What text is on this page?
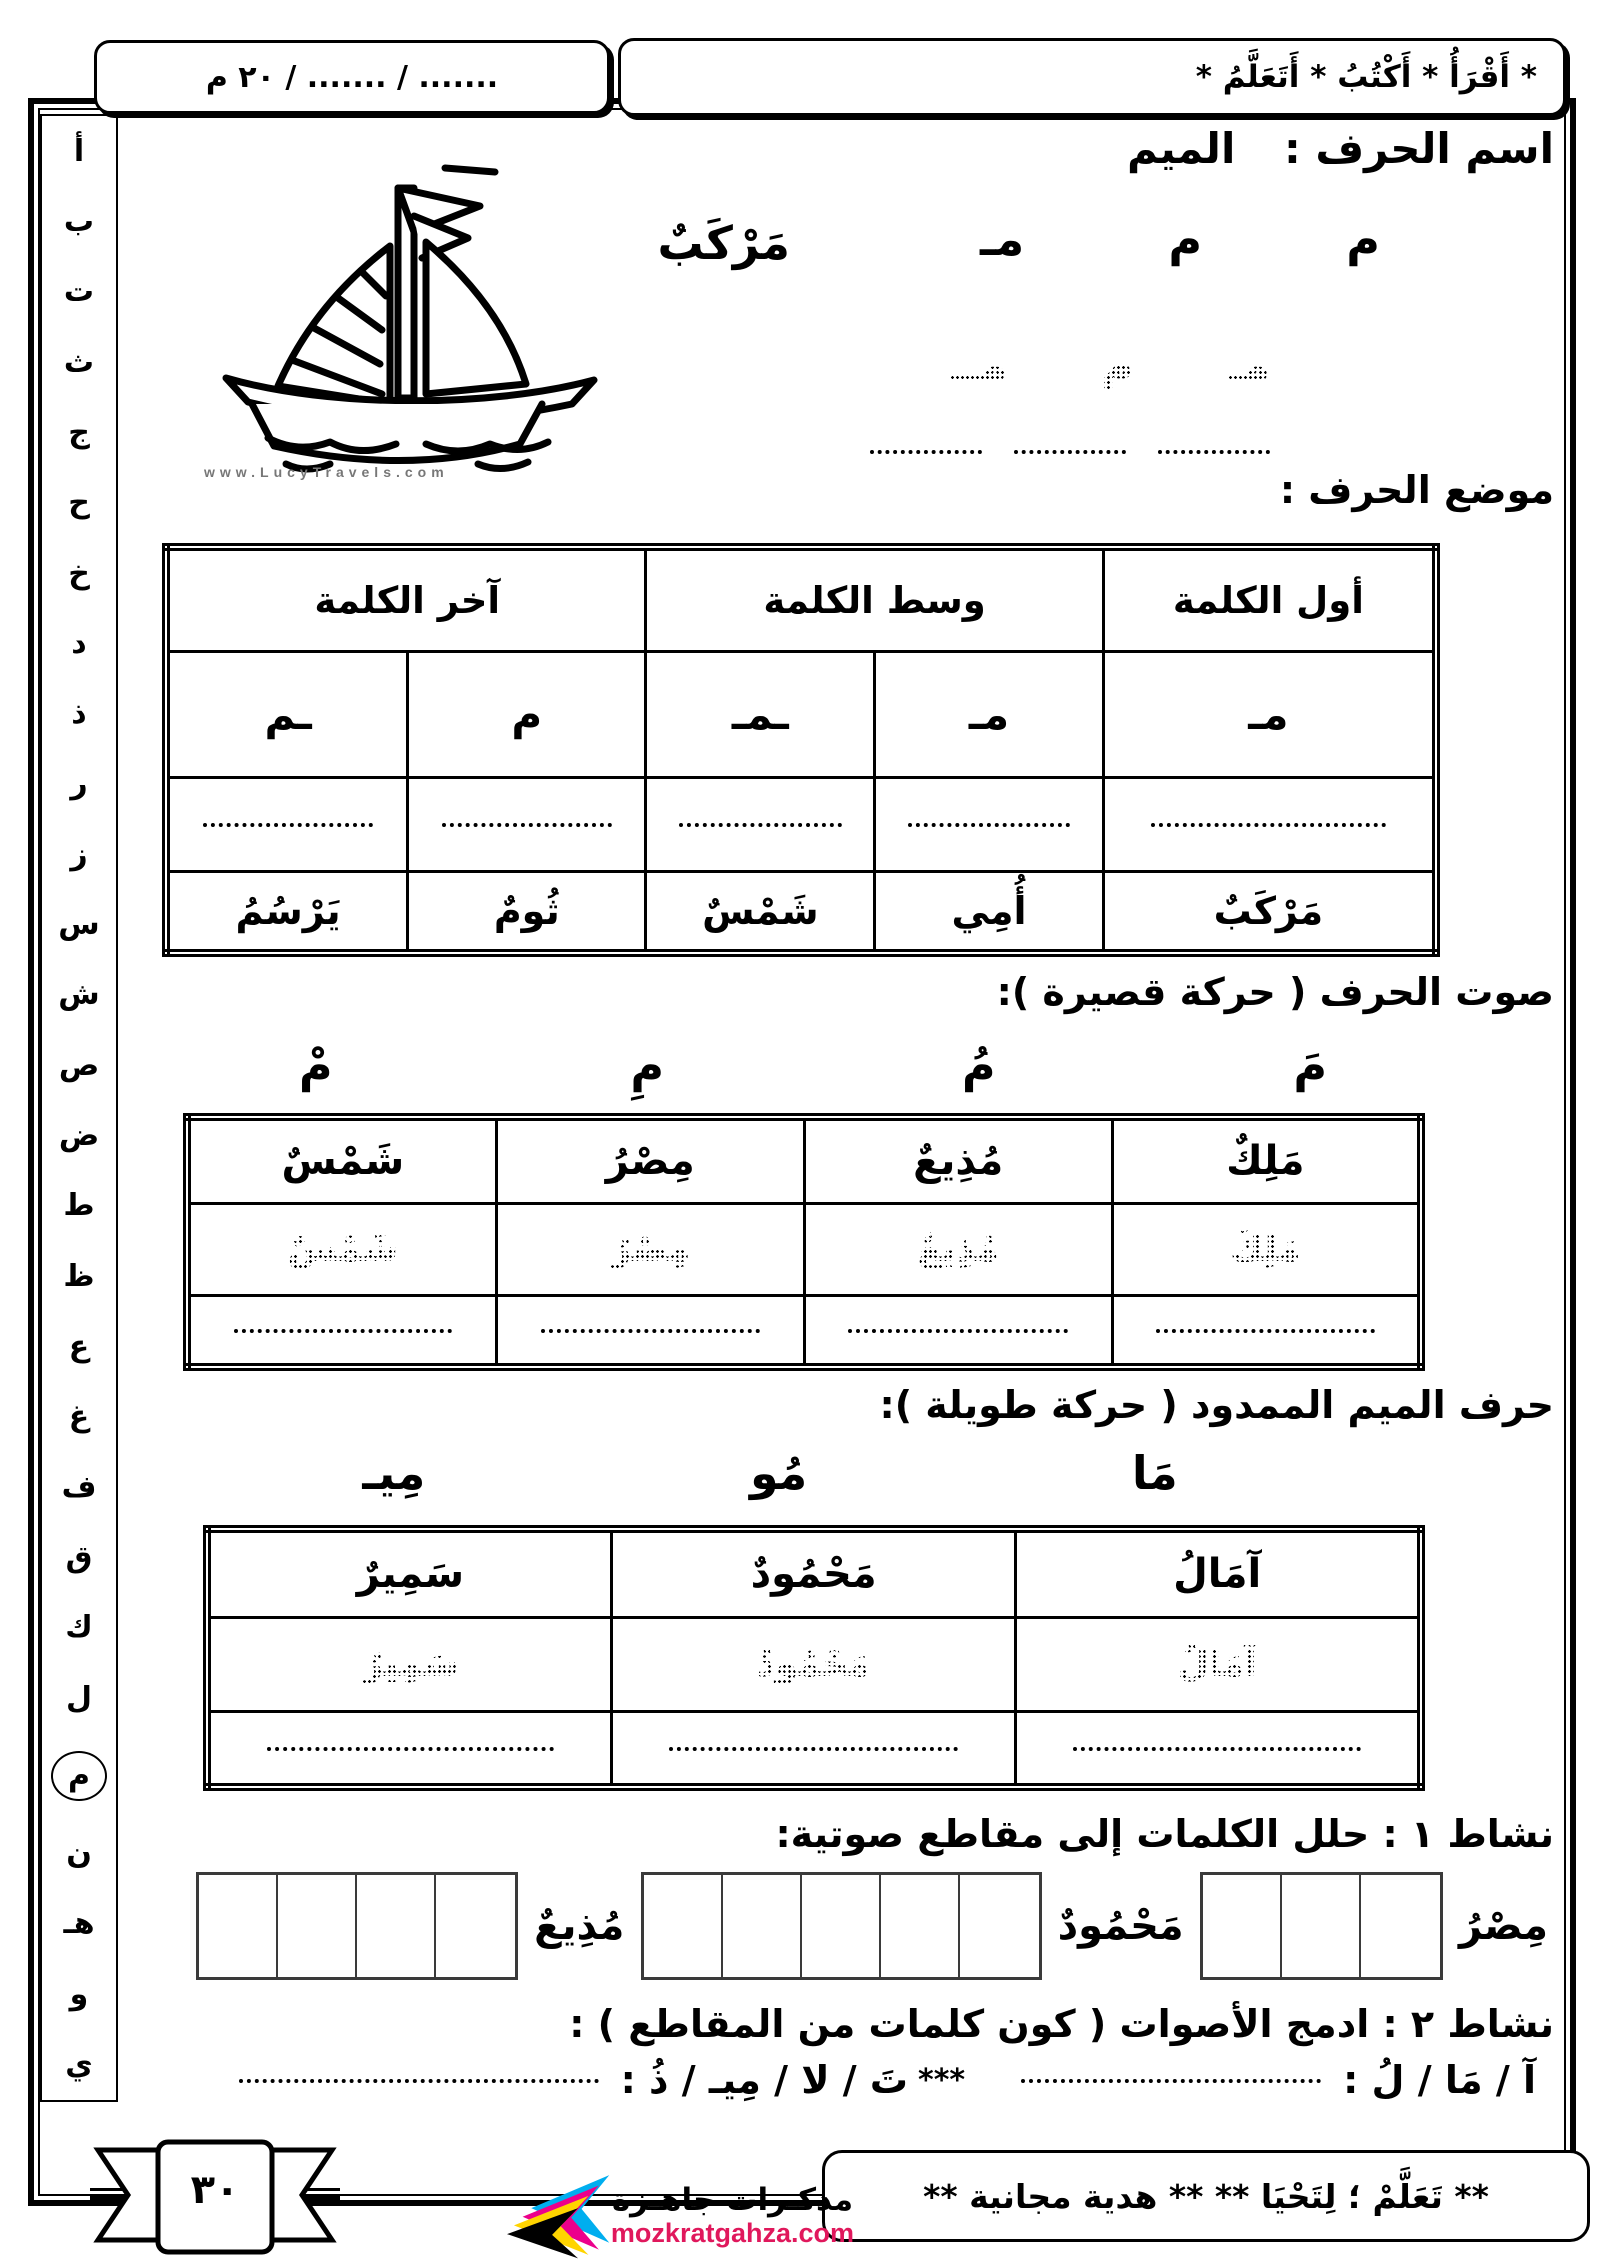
....... / ....... / ٢٠ م	* أَقْرَأُ * أَكْتُبُ * أَتَعَلَّمُ *
أ
ب
ت
ث
ج
ح
خ
د
ذ
ر
ز
س
ش
ص
ض
ط
ظ
ع
غ
ف
ق
ك
ل
م
ن
هـ
و
ي
اسم الحرف : الميم
www.LucyTravels.com
م
م
مـ
مَرْكَبٌ
مـ
م
مــ
موضع الحرف :
أول الكلمة	وسط الكلمة		آخر الكلمة	
مـ	مـ	ـمـ	م	ـم

مَرْكَبٌ	أُمِي	شَمْسٌ	ثُومٌ	يَرْسُمُ
صوت الحرف ( حركة قصيرة ):
مَ
مُ
مِ
مْ
مَلِكٌ	مُذِيعٌ	مِصْرُ	شَمْسٌ
مَلِكٌ	مُذِيعٌ	مِصْرُ	شَمْسٌ

حرف الميم الممدود ( حركة طويلة ):
مَا
مُو
مِيـ
آمَالُ	مَحْمُودٌ	سَمِيرٌ
آمَالُ	مَحْمُودٌ	سَمِيرٌ

نشاط ١ : حلل الكلمات إلى مقاطع صوتية:
مِصْرُ
مَحْمُودٌ
مُذِيعٌ
نشاط ٢ : ادمج الأصوات ( كون كلمات من المقاطع ) :
آ / مَا / لُ :
***
تَ / لا / مِيـ / ذُ :
** تَعَلَّمْ ؛ لِتَحْيَا ** ** هدية مجانية **
٣٠	مذكـرات جاهـزة
mozkratgahza.com
